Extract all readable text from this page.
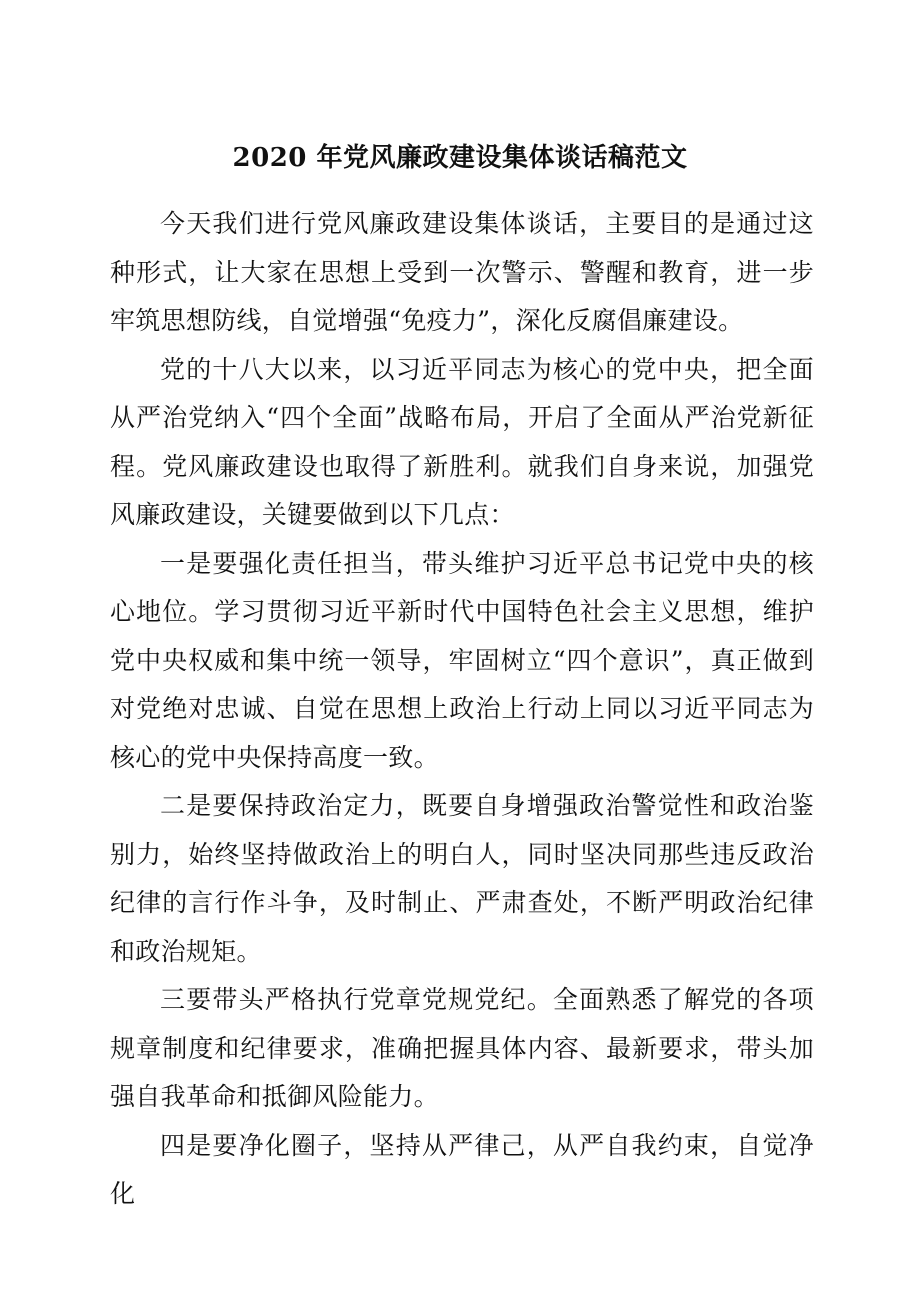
2020 年党风廉政建设集体谈话稿范文

今天我们进行党风廉政建设集体谈话，主要目的是通过这种形式，让大家在思想上受到一次警示、警醒和教育，进一步牢筑思想防线，自觉增强“免疫力”，深化反腐倡廉建设。

党的十八大以来，以习近平同志为核心的党中央，把全面从严治党纳入“四个全面”战略布局，开启了全面从严治党新征程。党风廉政建设也取得了新胜利。就我们自身来说，加强党风廉政建设，关键要做到以下几点：

一是要强化责任担当，带头维护习近平总书记党中央的核心地位。学习贯彻习近平新时代中国特色社会主义思想，维护党中央权威和集中统一领导，牢固树立“四个意识”，真正做到对党绝对忠诚、自觉在思想上政治上行动上同以习近平同志为核心的党中央保持高度一致。

二是要保持政治定力，既要自身增强政治警觉性和政治鉴别力，始终坚持做政治上的明白人，同时坚决同那些违反政治纪律的言行作斗争，及时制止、严肃查处，不断严明政治纪律和政治规矩。

三要带头严格执行党章党规党纪。全面熟悉了解党的各项规章制度和纪律要求，准确把握具体内容、最新要求，带头加强自我革命和抵御风险能力。

四是要净化圈子，坚持从严律己，从严自我约束，自觉净化
